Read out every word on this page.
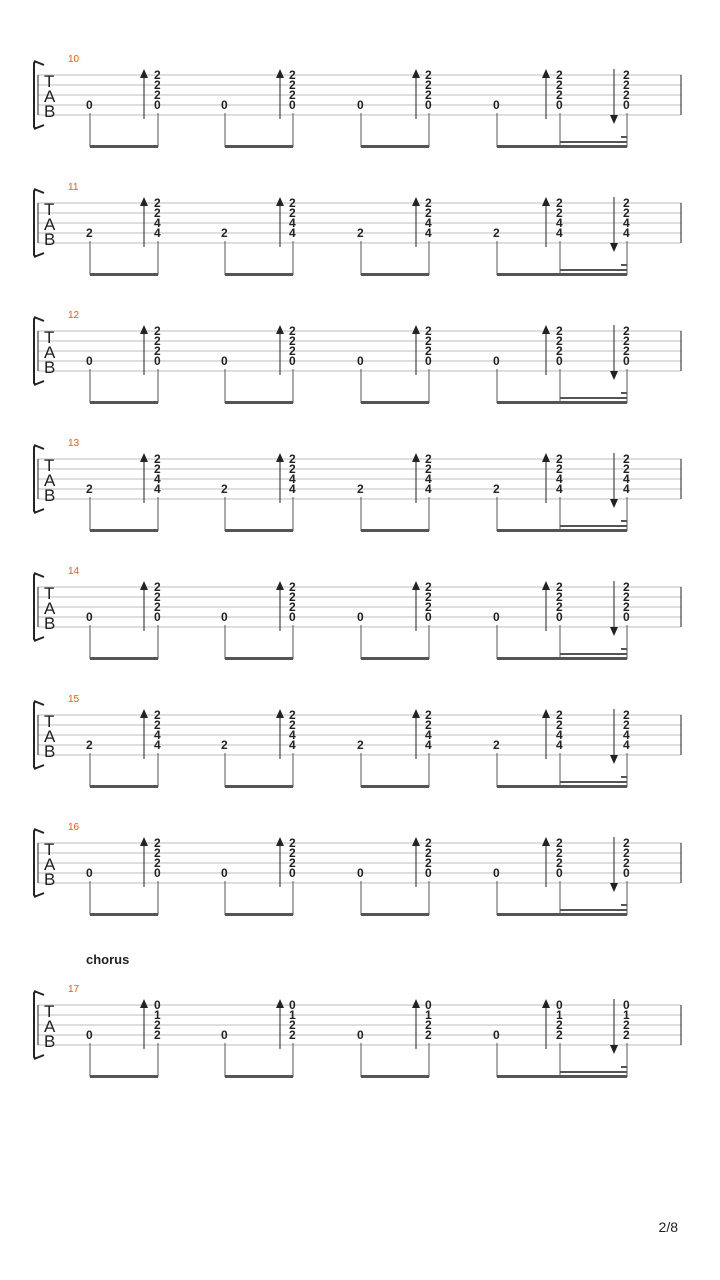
10
T
A
B	0
2
2
2
0	0
2
2
2
0	0
2
2
2
0	0
2
2
2
0
2
2
2
0
11
T
A
B	2
2
2
4
4	2
2
2
4
4	2
2
2
4
4	2
2
2
4
4
2
2
4
4
12
T
A
B	0
2
2
2
0	0
2
2
2
0	0
2
2
2
0	0
2
2
2
0
2
2
2
0
13
T
A
B	2
2
2
4
4	2
2
2
4
4	2
2
2
4
4	2
2
2
4
4
2
2
4
4
14
T
A
B	0
2
2
2
0	0
2
2
2
0	0
2
2
2
0	0
2
2
2
0
2
2
2
0
15
T
A
B	2
2
2
4
4	2
2
2
4
4	2
2
2
4
4	2
2
2
4
4
2
2
4
4
16
T
A
B	0
2
2
2
0	0
2
2
2
0	0
2
2
2
0	0
2
2
2
0
2
2
2
0
chorus
17
T
A
B	0
0
1
2
2	0
0
1
2
2	0
0
1
2
2	0
0
1
2
2
0
1
2
2
2/8
